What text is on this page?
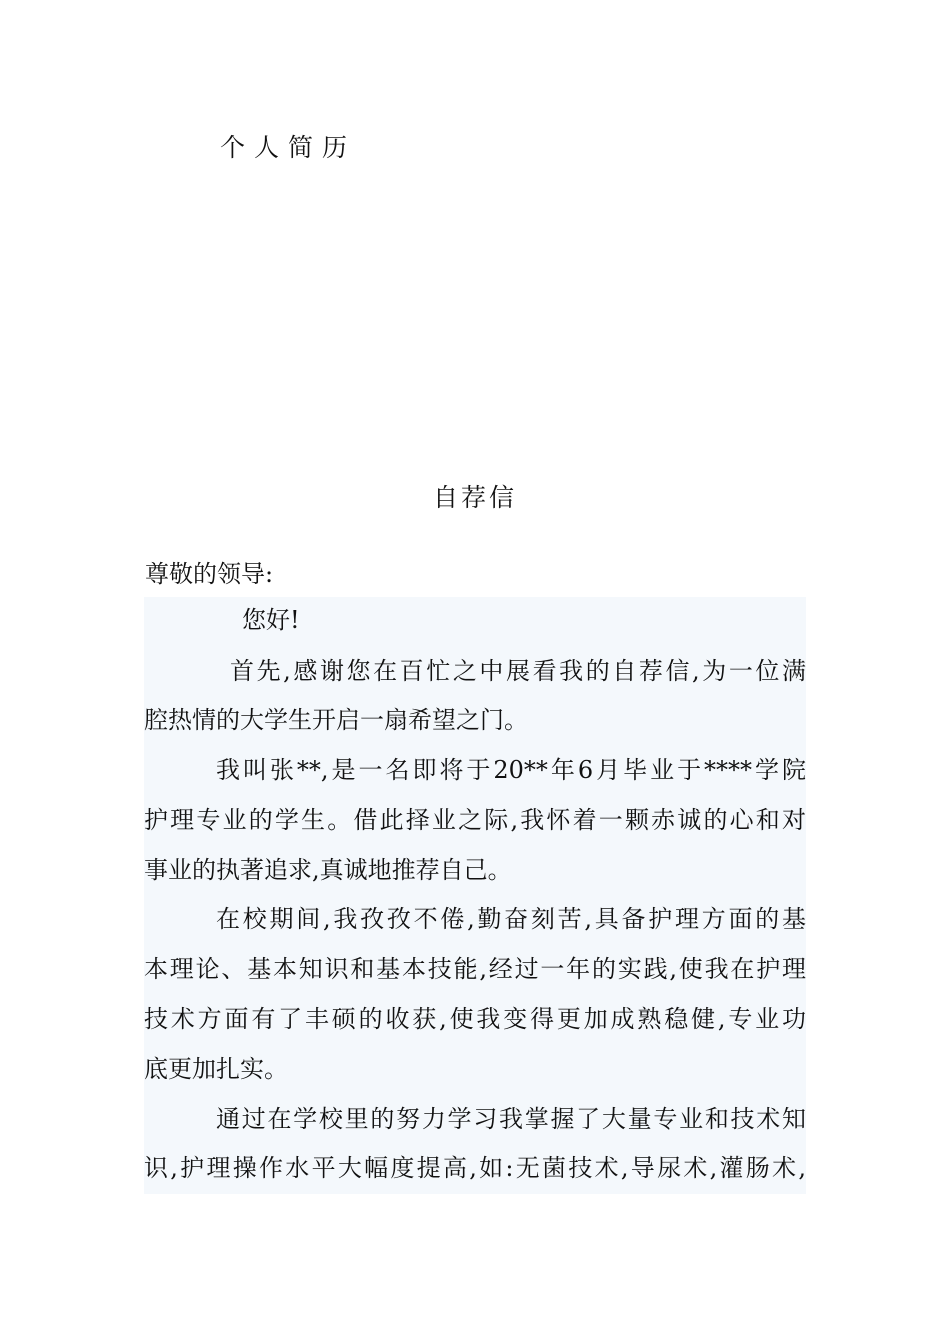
个人简历
自荐信
尊敬的领导:
您好!
首先,感谢您在百忙之中展看我的自荐信,为一位满
腔热情的大学生开启一扇希望之门。
我叫张**,是一名即将于20**年6月毕业于****学院
护理专业的学生。借此择业之际,我怀着一颗赤诚的心和对
事业的执著追求,真诚地推荐自己。
在校期间,我孜孜不倦,勤奋刻苦,具备护理方面的基
本理论、基本知识和基本技能,经过一年的实践,使我在护理
技术方面有了丰硕的收获,使我变得更加成熟稳健,专业功
底更加扎实。
通过在学校里的努力学习我掌握了大量专业和技术知
识,护理操作水平大幅度提高,如:无菌技术,导尿术,灌肠术,
